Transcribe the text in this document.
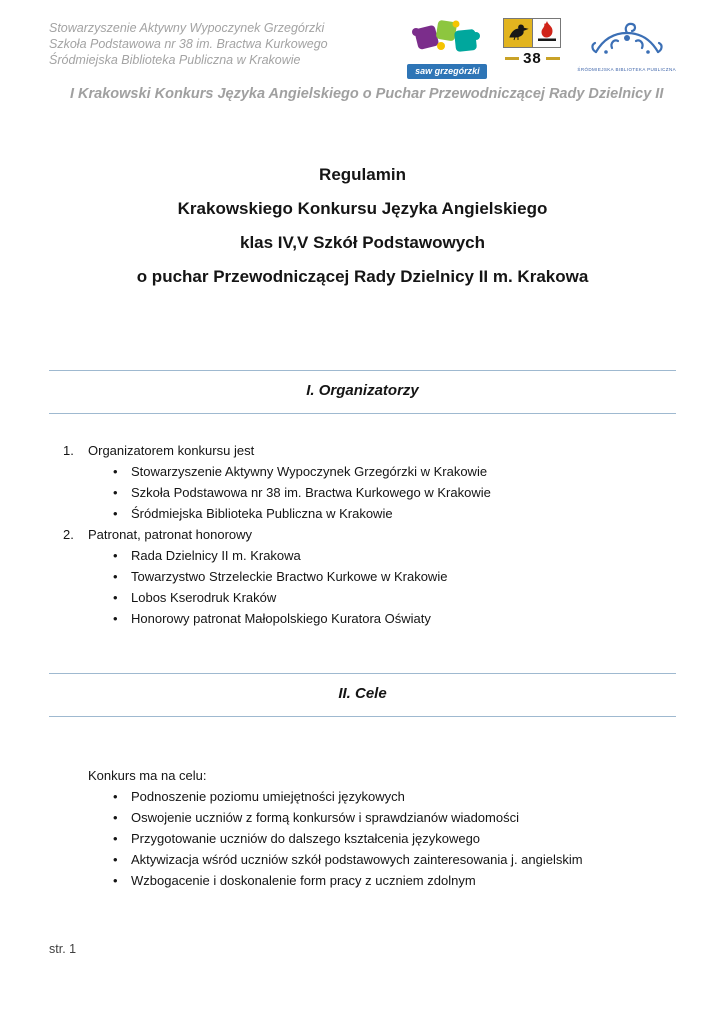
Stowarzyszenie Aktywny Wypoczynek Grzegórzki
Szkoła Podstawowa nr 38 im. Bractwa Kurkowego
Śródmiejska Biblioteka Publiczna w Krakowie
saw grzegórzki
38
ŚRÓDMIEJSKA BIBLIOTEKA PUBLICZNA
I Krakowski Konkurs Języka Angielskiego o Puchar Przewodniczącej Rady Dzielnicy II
Regulamin
Krakowskiego Konkursu Języka Angielskiego
klas IV,V Szkół Podstawowych
o puchar Przewodniczącej Rady Dzielnicy II m. Krakowa
I. Organizatorzy
1.	Organizatorem konkursu jest
• Stowarzyszenie Aktywny Wypoczynek Grzegórzki w Krakowie
• Szkoła Podstawowa nr 38 im. Bractwa Kurkowego w Krakowie
• Śródmiejska Biblioteka Publiczna w Krakowie
2.	Patronat, patronat honorowy
• Rada Dzielnicy II m. Krakowa
• Towarzystwo Strzeleckie Bractwo Kurkowe w Krakowie
• Lobos Kserodruk Kraków
• Honorowy patronat Małopolskiego Kuratora Oświaty
II. Cele
Konkurs ma na celu:
• Podnoszenie poziomu umiejętności językowych
• Oswojenie uczniów z formą konkursów i sprawdzianów wiadomości
• Przygotowanie uczniów do dalszego kształcenia językowego
• Aktywizacja wśród uczniów szkół podstawowych zainteresowania j. angielskim
• Wzbogacenie i doskonalenie form pracy z uczniem zdolnym
str. 1
